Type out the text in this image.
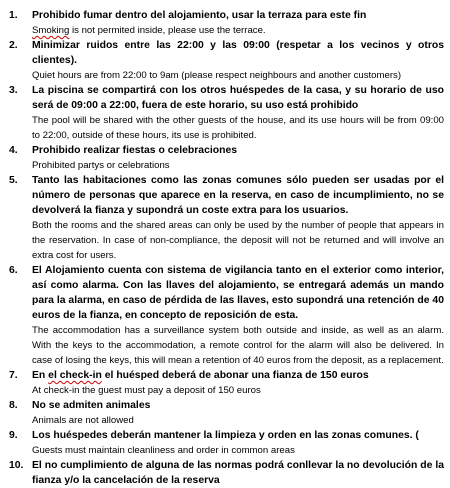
1. Prohibido fumar dentro del alojamiento, usar la terraza para este fin
Smoking is not permited inside, please use the terrace.
2. Minimizar ruidos entre las 22:00 y las 09:00 (respetar a los vecinos y otros clientes).
Quiet hours are from 22:00 to 9am (please respect neighbours and another customers)
3. La piscina se compartirá con los otros huéspedes de la casa, y su horario de uso será de 09:00 a 22:00, fuera de este horario, su uso está prohibido
The pool will be shared with the other guests of the house, and its use hours will be from 09:00 to 22:00, outside of these hours, its use is prohibited.
4. Prohibido realizar fiestas o celebraciones
Prohibited partys or celebrations
5. Tanto las habitaciones como las zonas comunes sólo pueden ser usadas por el número de personas que aparece en la reserva, en caso de incumplimiento, no se devolverá la fianza y supondrá un coste extra para los usuarios.
Both the rooms and the shared areas can only be used by the number of people that appears in the reservation. In case of non-compliance, the deposit will not be returned and will involve an extra cost for users.
6. El Alojamiento cuenta con sistema de vigilancia tanto en el exterior como interior, así como alarma. Con las llaves del alojamiento, se entregará además un mando para la alarma, en caso de pérdida de las llaves, esto supondrá una retención de 40 euros de la fianza, en concepto de reposición de esta.
The accommodation has a surveillance system both outside and inside, as well as an alarm. With the keys to the accommodation, a remote control for the alarm will also be delivered. In case of losing the keys, this will mean a retention of 40 euros from the deposit, as a replacement.
7. En el check-in el huésped deberá de abonar una fianza de 150 euros
At check-in the guest must pay a deposit of 150 euros
8. No se admiten animales
Animals are not allowed
9. Los huéspedes deberán mantener la limpieza y orden en las zonas comunes. (
Guests must maintain cleanliness and order in common areas
10. El no cumplimiento de alguna de las normas podrá conllevar la no devolución de la fianza y/o la cancelación de la reserva
